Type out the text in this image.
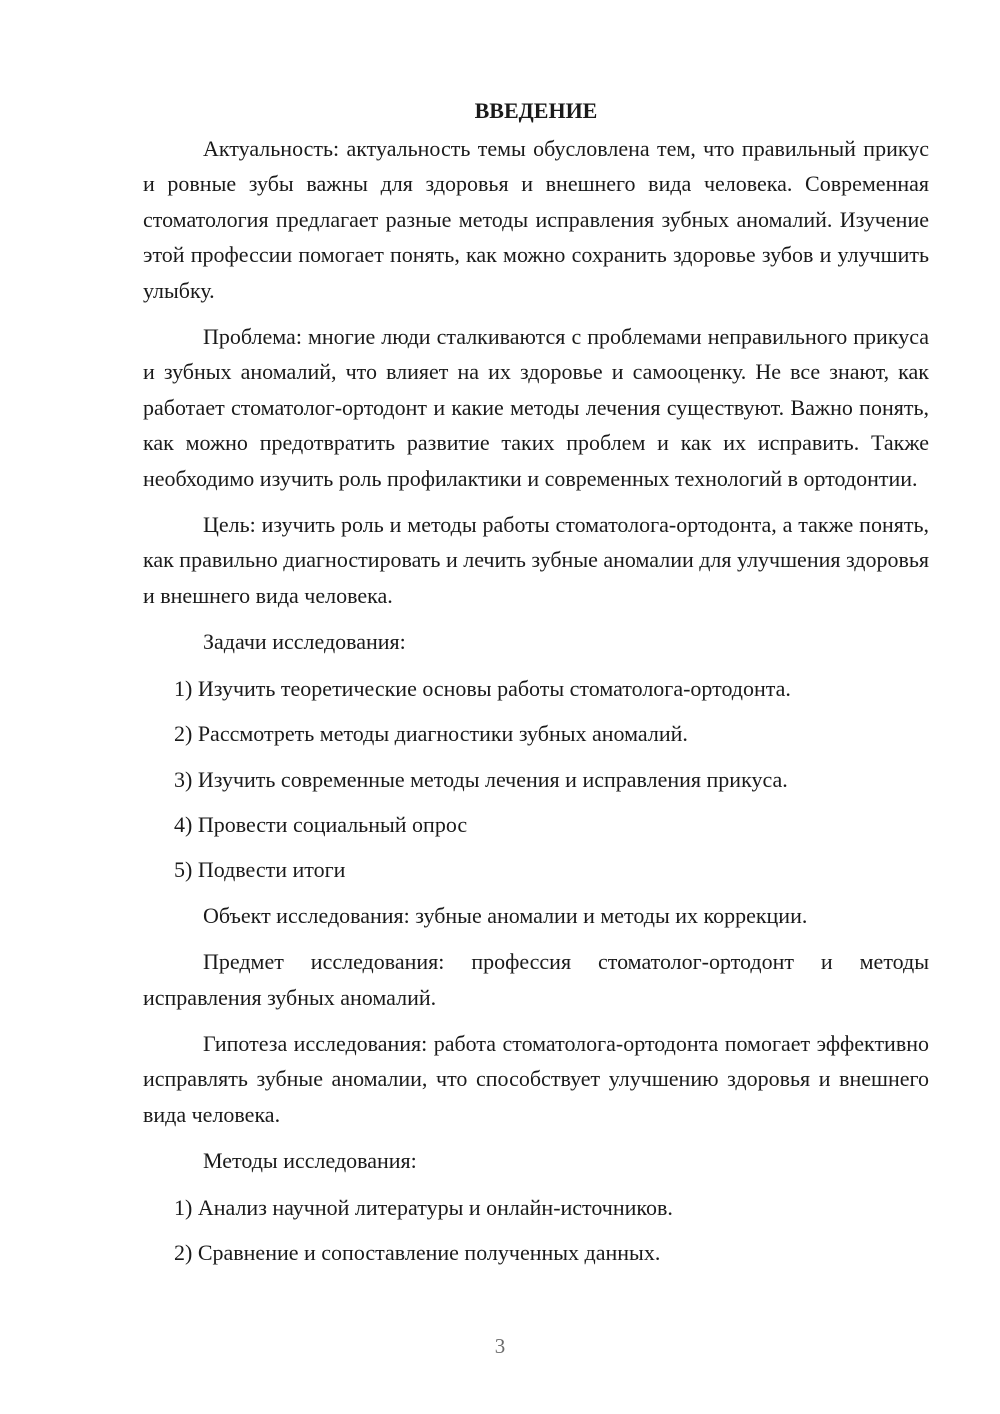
ВВЕДЕНИЕ

Актуальность: актуальность темы обусловлена тем, что правильный прикус и ровные зубы важны для здоровья и внешнего вида человека. Современная стоматология предлагает разные методы исправления зубных аномалий. Изучение этой профессии помогает понять, как можно сохранить здоровье зубов и улучшить улыбку.

Проблема: многие люди сталкиваются с проблемами неправильного прикуса и зубных аномалий, что влияет на их здоровье и самооценку. Не все знают, как работает стоматолог-ортодонт и какие методы лечения существуют. Важно понять, как можно предотвратить развитие таких проблем и как их исправить. Также необходимо изучить роль профилактики и современных технологий в ортодонтии.

Цель: изучить роль и методы работы стоматолога-ортодонта, а также понять, как правильно диагностировать и лечить зубные аномалии для улучшения здоровья и внешнего вида человека.

Задачи исследования:

1) Изучить теоретические основы работы стоматолога-ортодонта.
2) Рассмотреть методы диагностики зубных аномалий.
3) Изучить современные методы лечения и исправления прикуса.
4) Провести социальный опрос
5) Подвести итоги

Объект исследования: зубные аномалии и методы их коррекции.

Предмет исследования: профессия стоматолог-ортодонт и методы исправления зубных аномалий.

Гипотеза исследования: работа стоматолога-ортодонта помогает эффективно исправлять зубные аномалии, что способствует улучшению здоровья и внешнего вида человека.

Методы исследования:

1) Анализ научной литературы и онлайн-источников.
2) Сравнение и сопоставление полученных данных.
3
